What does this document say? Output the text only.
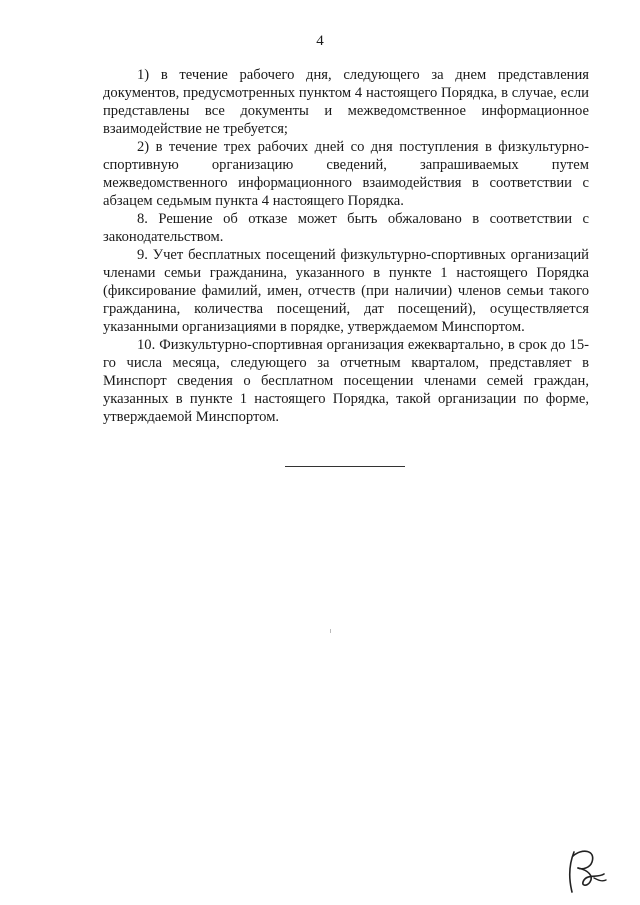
4

1) в течение рабочего дня, следующего за днем представления документов, предусмотренных пунктом 4 настоящего Порядка, в случае, если представлены все документы и межведомственное информационное взаимодействие не требуется;

2) в течение трех рабочих дней со дня поступления в физкультурно-спортивную организацию сведений, запрашиваемых путем межведомственного информационного взаимодействия в соответствии с абзацем седьмым пункта 4 настоящего Порядка.

8. Решение об отказе может быть обжаловано в соответствии с законодательством.

9. Учет бесплатных посещений физкультурно-спортивных организаций членами семьи гражданина, указанного в пункте 1 настоящего Порядка (фиксирование фамилий, имен, отчеств (при наличии) членов семьи такого гражданина, количества посещений, дат посещений), осуществляется указанными организациями в порядке, утверждаемом Минспортом.

10. Физкультурно-спортивная организация ежеквартально, в срок до 15-го числа месяца, следующего за отчетным кварталом, представляет в Минспорт сведения о бесплатном посещении членами семей граждан, указанных в пункте 1 настоящего Порядка, такой организации по форме, утверждаемой Минспортом.
